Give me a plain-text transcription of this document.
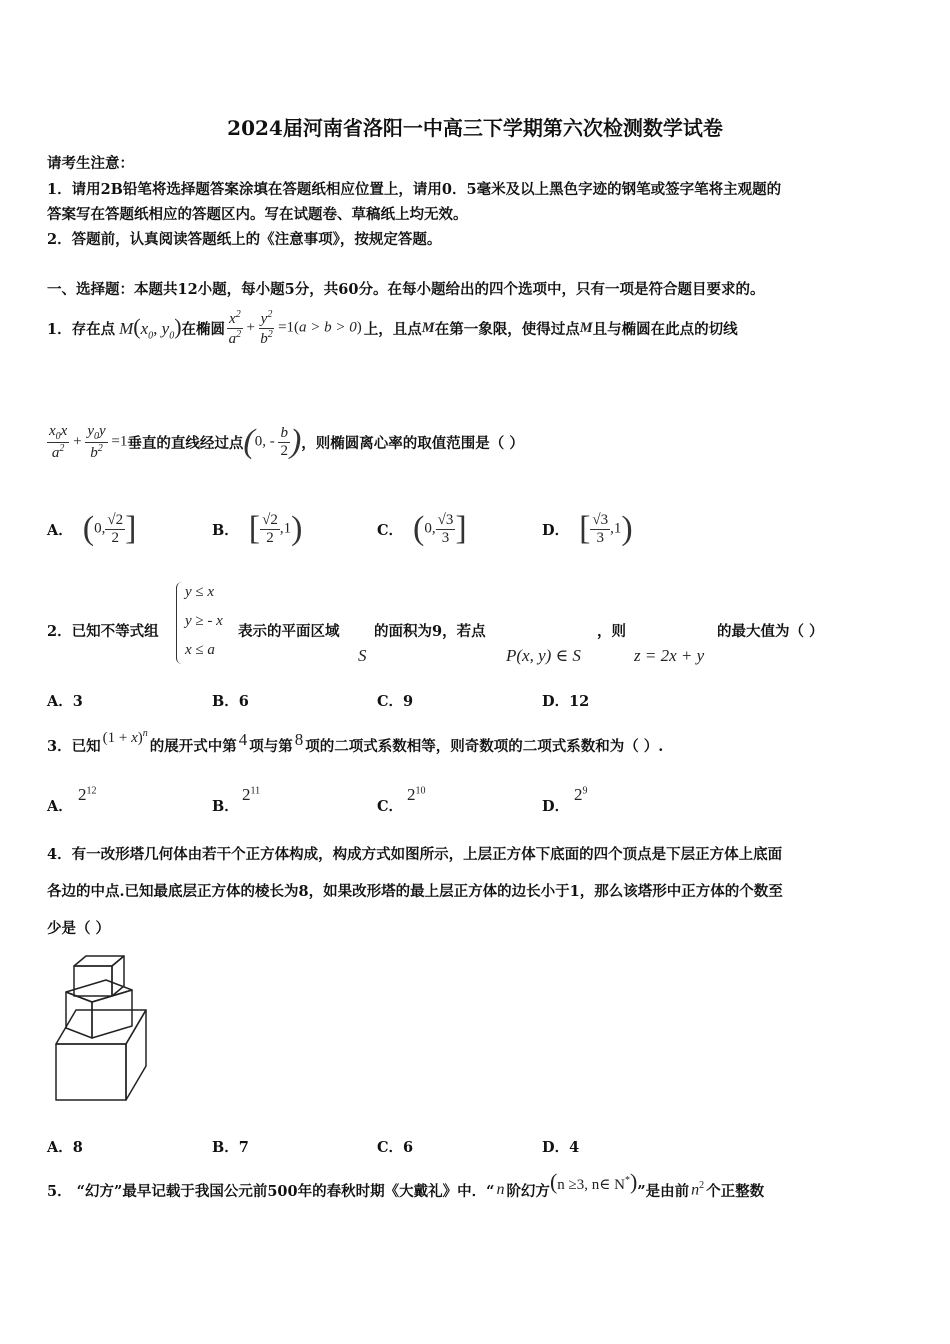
2024届河南省洛阳一中高三下学期第六次检测数学试卷
请考生注意：
1．请用2B铅笔将选择题答案涂填在答题纸相应位置上，请用0．5毫米及以上黑色字迹的钢笔或签字笔将主观题的
答案写在答题纸相应的答题区内。写在试题卷、草稿纸上均无效。
2．答题前，认真阅读答题纸上的《注意事项》，按规定答题。
一、选择题：本题共12小题，每小题5分，共60分。在每小题给出的四个选项中，只有一项是符合题目要求的。
1．存在点 $M(x_0$, $y_0$) 在椭圆 $\frac{x^2}{a^2} + \frac{y^2}{b^2} =1(a > b > 0)$ 上，且点 M 在第一象限，使得过点 M 且与椭圆在此点的切线
$\frac{x_0x}{a^2} + \frac{y_0y}{b^2} =1$ 垂直的直线经过点 (0, - $\frac{b}{2}$ ) ，则椭圆离心率的取值范围是（ ）
A． (0, $\frac{√2}{2}$ ]	B． [ $\frac{√2}{2} ,1$)	C． (0, $\frac{√3}{3}$ ]	D． [ $\frac{√3}{3} ,1$)
2．已知不等式组
y ≤ x
y ≥ - x
x ≤ a
表示的平面区域 的面积为9，若点	，则	的最大值为（ ）
S	P(x, y) ∈ S	z = 2x + y
A．3	B．6	C．9	D．12
3．已知 $(1 + x)^n$
的展开式中第 4 项与第 8 项的二项式系数相等，则奇数项的二项式系数和为（ ）.
A．
$2^{12}$
B．
$2^{11}$
C．
$2^{10}$
D．
$2^9$
4．有一改形塔几何体由若干个正方体构成，构成方式如图所示，上层正方体下底面的四个顶点是下层正方体上底面
各边的中点.已知最底层正方体的棱长为8，如果改形塔的最上层正方体的边长小于1，那么该塔形中正方体的个数至
少是（ ）
A．8	B．7	C．6	D．4
5． “幻方”最早记载于我国公元前500年的春秋时期《大戴礼》中．“ n 阶幻方 (n ≥3, n∈ N*) ”是由前 $n^2$ 个正整数
